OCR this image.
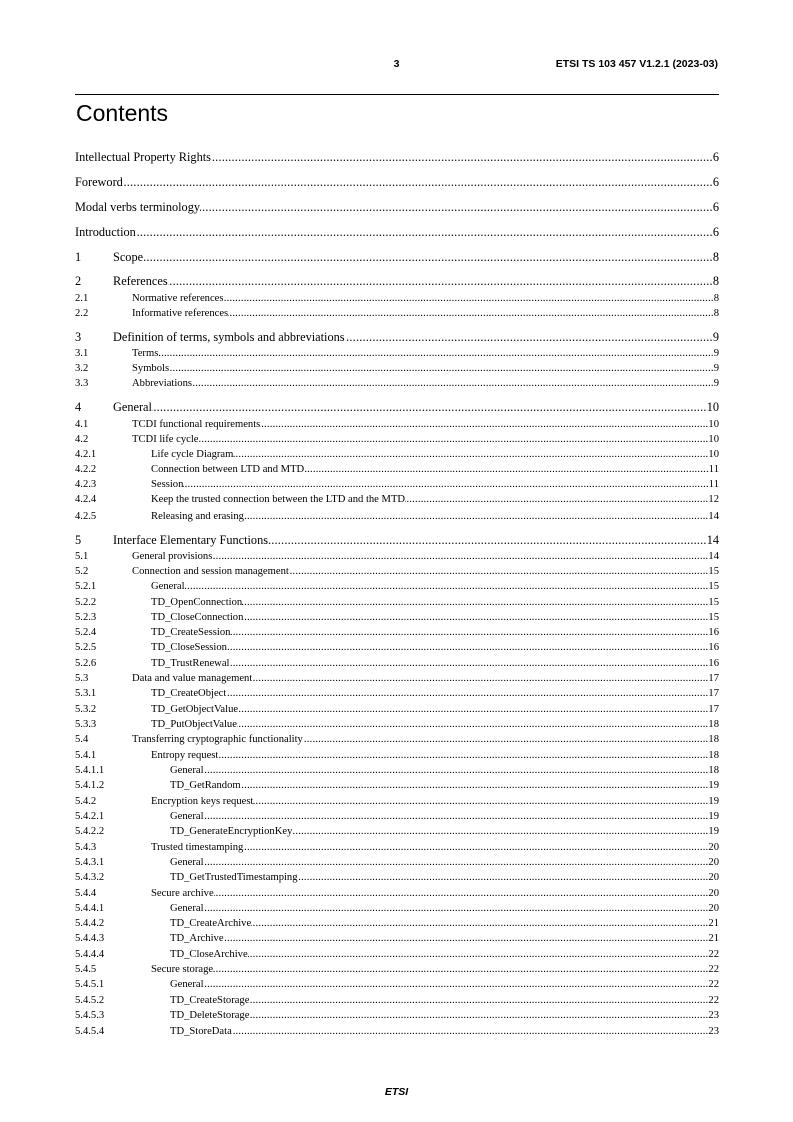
3	ETSI TS 103 457 V1.2.1 (2023-03)
Contents
Intellectual Property Rights .....	6
Foreword .....	6
Modal verbs terminology .....	6
Introduction .....	6
1	Scope .....	8
2	References .....	8
2.1	Normative references .....	8
2.2	Informative references .....	8
3	Definition of terms, symbols and abbreviations .....	9
3.1	Terms .....	9
3.2	Symbols .....	9
3.3	Abbreviations .....	9
4	General .....	10
4.1	TCDI functional requirements .....	10
4.2	TCDI life cycle .....	10
4.2.1	Life cycle Diagram .....	10
4.2.2	Connection between LTD and MTD .....	11
4.2.3	Session .....	11
4.2.4	Keep the trusted connection between the LTD and the MTD .....	12
4.2.5	Releasing and erasing .....	14
5	Interface Elementary Functions .....	14
5.1	General provisions .....	14
5.2	Connection and session management .....	15
5.2.1	General .....	15
5.2.2	TD_OpenConnection .....	15
5.2.3	TD_CloseConnection .....	15
5.2.4	TD_CreateSession .....	16
5.2.5	TD_CloseSession .....	16
5.2.6	TD_TrustRenewal .....	16
5.3	Data and value management .....	17
5.3.1	TD_CreateObject .....	17
5.3.2	TD_GetObjectValue .....	17
5.3.3	TD_PutObjectValue .....	18
5.4	Transferring cryptographic functionality .....	18
5.4.1	Entropy request .....	18
5.4.1.1	General .....	18
5.4.1.2	TD_GetRandom .....	19
5.4.2	Encryption keys request .....	19
5.4.2.1	General .....	19
5.4.2.2	TD_GenerateEncryptionKey .....	19
5.4.3	Trusted timestamping .....	20
5.4.3.1	General .....	20
5.4.3.2	TD_GetTrustedTimestamping .....	20
5.4.4	Secure archive .....	20
5.4.4.1	General .....	20
5.4.4.2	TD_CreateArchive .....	21
5.4.4.3	TD_Archive .....	21
5.4.4.4	TD_CloseArchive .....	22
5.4.5	Secure storage .....	22
5.4.5.1	General .....	22
5.4.5.2	TD_CreateStorage .....	22
5.4.5.3	TD_DeleteStorage .....	23
5.4.5.4	TD_StoreData .....	23
ETSI
